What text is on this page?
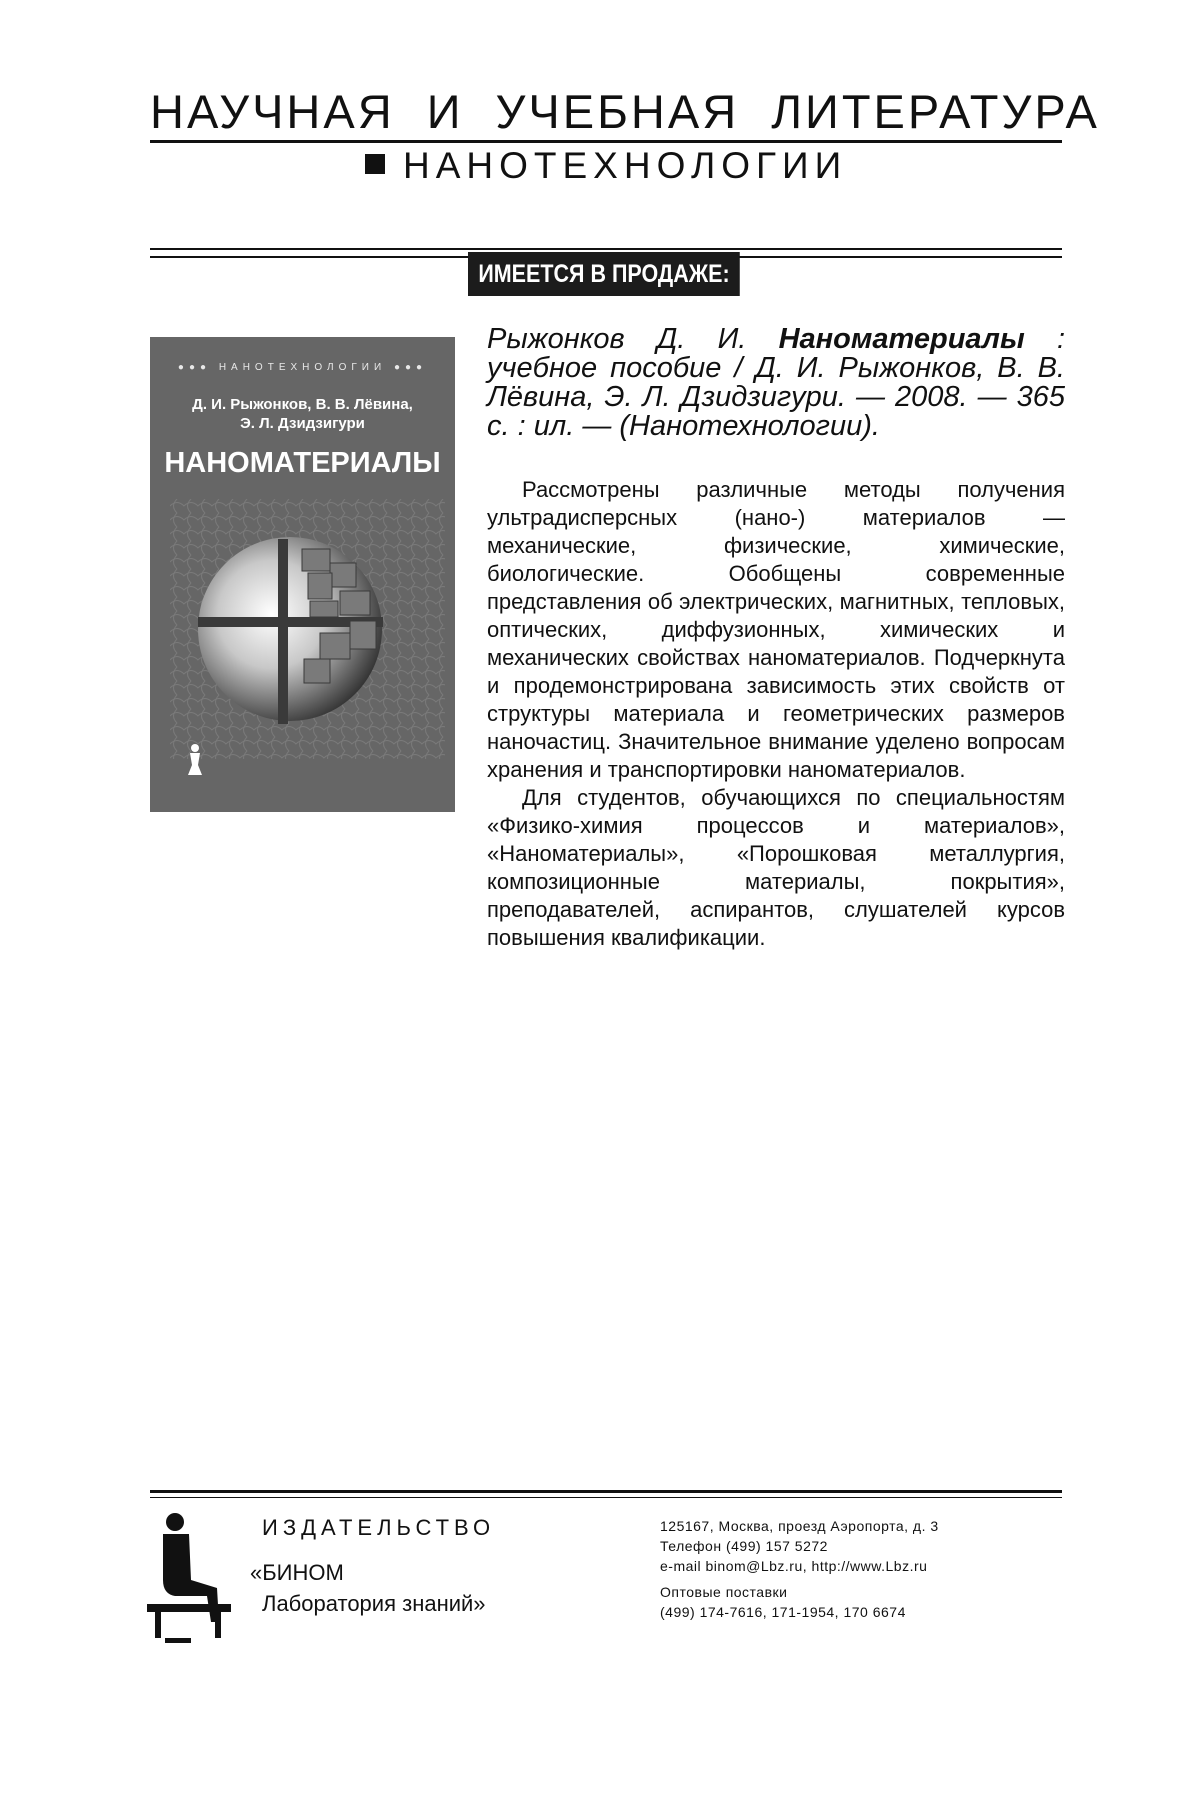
НАУЧНАЯ И УЧЕБНАЯ ЛИТЕРАТУРА
НАНОТЕХНОЛОГИИ
ИМЕЕТСЯ В ПРОДАЖЕ:
●●● НАНОТЕХНОЛОГИИ ●●●
Д. И. Рыжонков, В. В. Лёвина,
Э. Л. Дзидзигури
НАНОМАТЕРИАЛЫ

Рыжонков Д. И. Наноматериалы : учебное пособие / Д. И. Рыжонков, В. В. Лёвина, Э. Л. Дзидзигури. — 2008. — 365 с. : ил. — (Нанотехнологии).

Рассмотрены различные методы получения ультрадисперсных (нано-) материалов — механические, физические, химические, биологические. Обобщены современные представления об электрических, магнитных, тепловых, оптических, диффузионных, химических и механических свойствах наноматериалов. Подчеркнута и продемонстрирована зависимость этих свойств от структуры материала и геометрических размеров наночастиц. Значительное внимание уделено вопросам хранения и транспортировки наноматериалов.

Для студентов, обучающихся по специальностям «Физико-химия процессов и материалов», «Наноматериалы», «Порошковая металлургия, композиционные материалы, покрытия», преподавателей, аспирантов, слушателей курсов повышения квалификации.

ИЗДАТЕЛЬСТВО
«БИНОМ
Лаборатория знаний»
125167, Москва, проезд Аэропорта, д. 3
Телефон (499) 157 5272
e-mail binom@Lbz.ru, http://www.Lbz.ru
Оптовые поставки
(499) 174-7616, 171-1954, 170 6674
